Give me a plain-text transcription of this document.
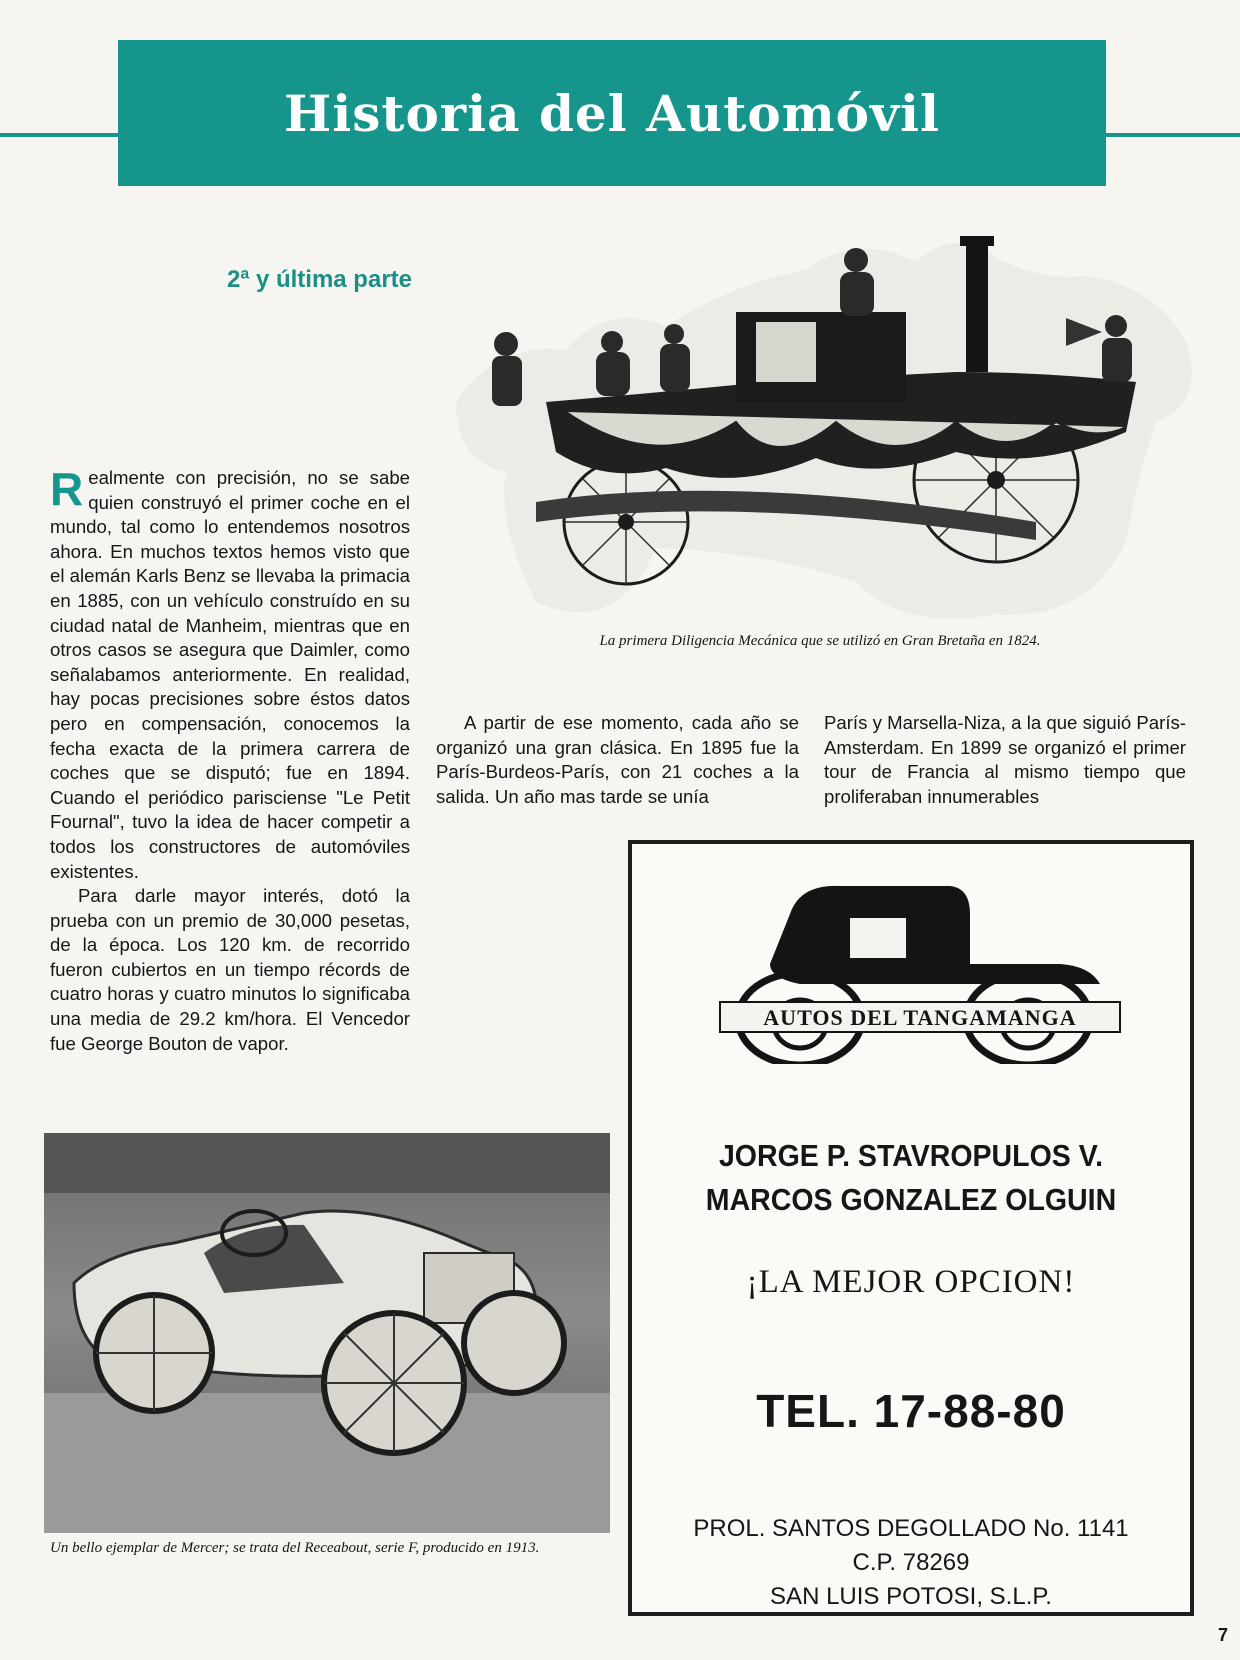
Historia del Automóvil
2ª y última parte
La primera Diligencia Mecánica que se utilizó en Gran Bretaña en 1824.

Realmente con precisión, no se sabe quien construyó el primer coche en el mundo, tal como lo entendemos nosotros ahora. En muchos textos hemos visto que el alemán Karls Benz se llevaba la primacia en 1885, con un vehículo construído en su ciudad natal de Manheim, mientras que en otros casos se asegura que Daimler, como señalabamos anteriormente. En realidad, hay pocas precisiones sobre éstos datos pero en compensación, conocemos la fecha exacta de la primera carrera de coches que se disputó; fue en 1894. Cuando el periódico parisciense "Le Petit Fournal", tuvo la idea de hacer competir a todos los constructores de automóviles existentes.

Para darle mayor interés, dotó la prueba con un premio de 30,000 pesetas, de la época. Los 120 km. de recorrido fueron cubiertos en un tiempo récords de cuatro horas y cuatro minutos lo significaba una media de 29.2 km/hora. El Vencedor fue George Bouton de vapor.

A partir de ese momento, cada año se organizó una gran clásica. En 1895 fue la París-Burdeos-París, con 21 coches a la salida. Un año mas tarde se unía

París y Marsella-Niza, a la que siguió París-Amsterdam. En 1899 se organizó el primer tour de Francia al mismo tiempo que proliferaban innumerables

Un bello ejemplar de Mercer; se trata del Receabout, serie F, producido en 1913.
AUTOS DEL TANGAMANGA
JORGE P. STAVROPULOS V.
MARCOS GONZALEZ OLGUIN
¡LA MEJOR OPCION!
TEL. 17-88-80
PROL. SANTOS DEGOLLADO No. 1141
C.P. 78269
SAN LUIS POTOSI, S.L.P.
7
